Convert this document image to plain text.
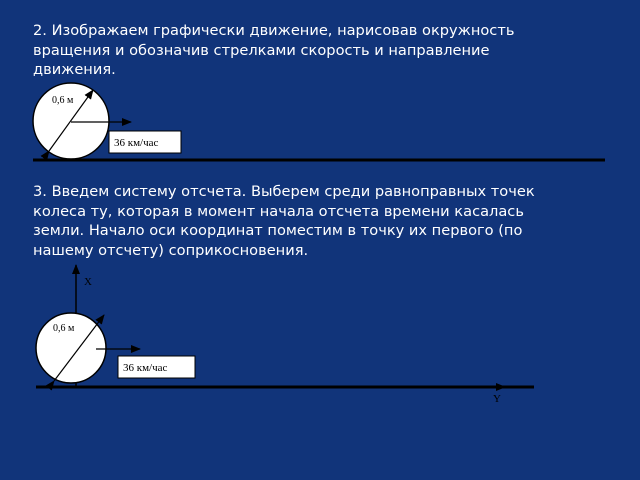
2. Изображаем графически движение, нарисовав окружность
вращения и обозначив стрелками скорость и направление
движения.

0,6 м
36 км/час
X
Y
0,6 м
36 км/час

3. Введем систему отсчета. Выберем среди равноправных точек
колеса ту, которая в момент начала отсчета времени касалась
земли. Начало оси координат поместим в точку их первого (по
нашему отсчету) соприкосновения.
